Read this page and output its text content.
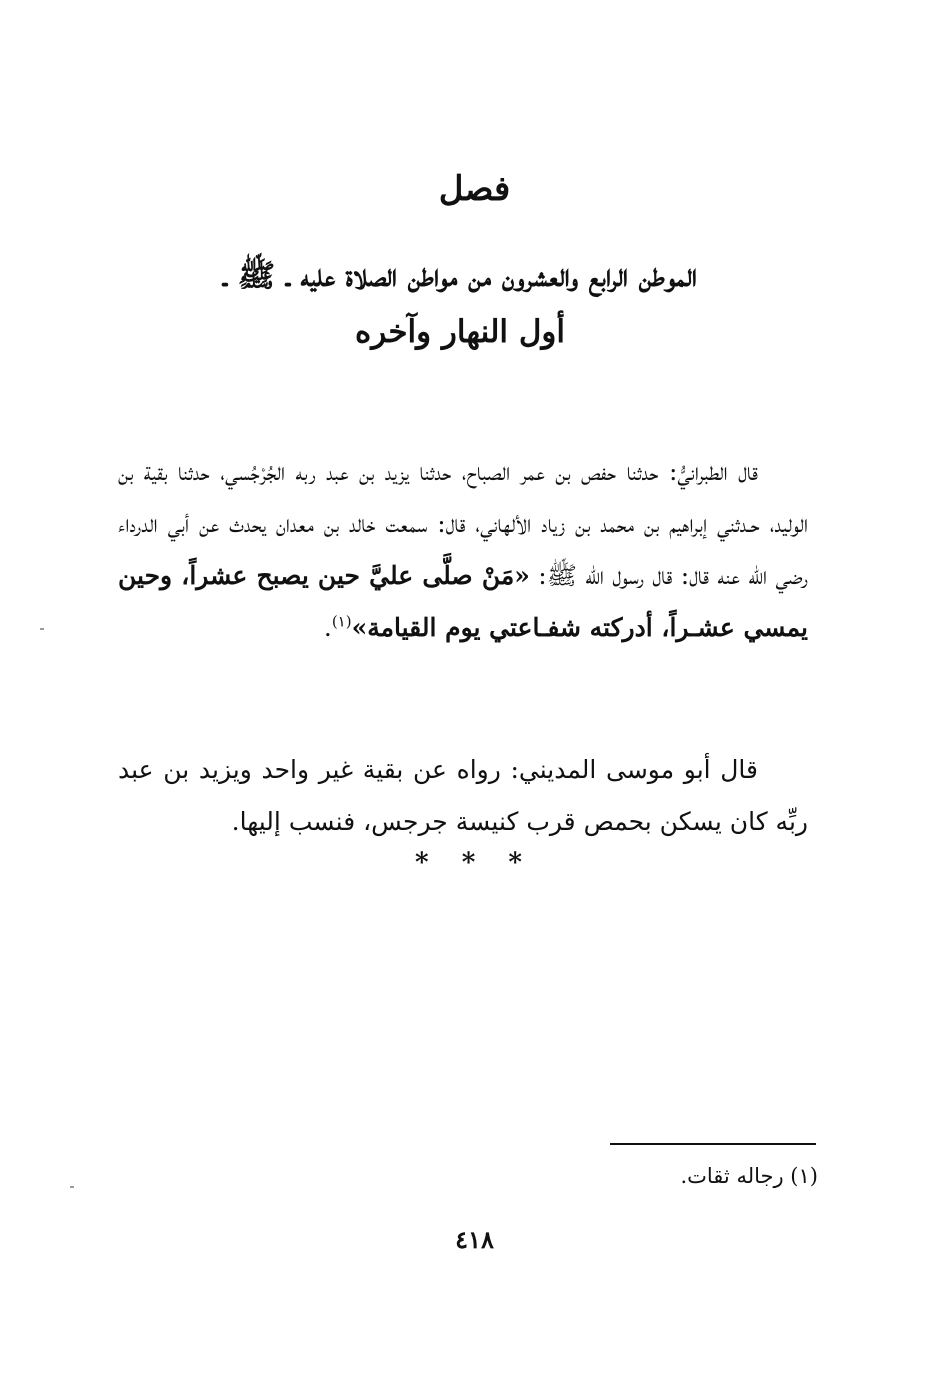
فصل
الموطن الرابع والعشرون من مواطن الصلاة عليه ـ ﷺ ـ
أول النهار وآخره
قال الطبرانيُّ: حدثنا حفص بن عمر الصباح، حدثنا يزيد بن عبد ربه الجُرْجُسي، حدثنا بقية بن الوليد، حـدثني إبراهيم بن محمد بن زياد الألهاني، قال: سمعت خالد بن معدان يحدث عن أبي الدرداء رضي الله عنه قال: قال رسول الله ﷺ: «مَنْ صلَّى عليَّ حين يصبح عشراً، وحين يمسي عشـراً، أدركته شفـاعتي يوم القيامة»$^{(١)}$.
قال أبو موسى المديني: رواه عن بقية غير واحد ويزيد بن عبد ربِّه كان يسكن بحمص قرب كنيسة جرجس، فنسب إليها.
* * *
(١) رجاله ثقات.
٤١٨
